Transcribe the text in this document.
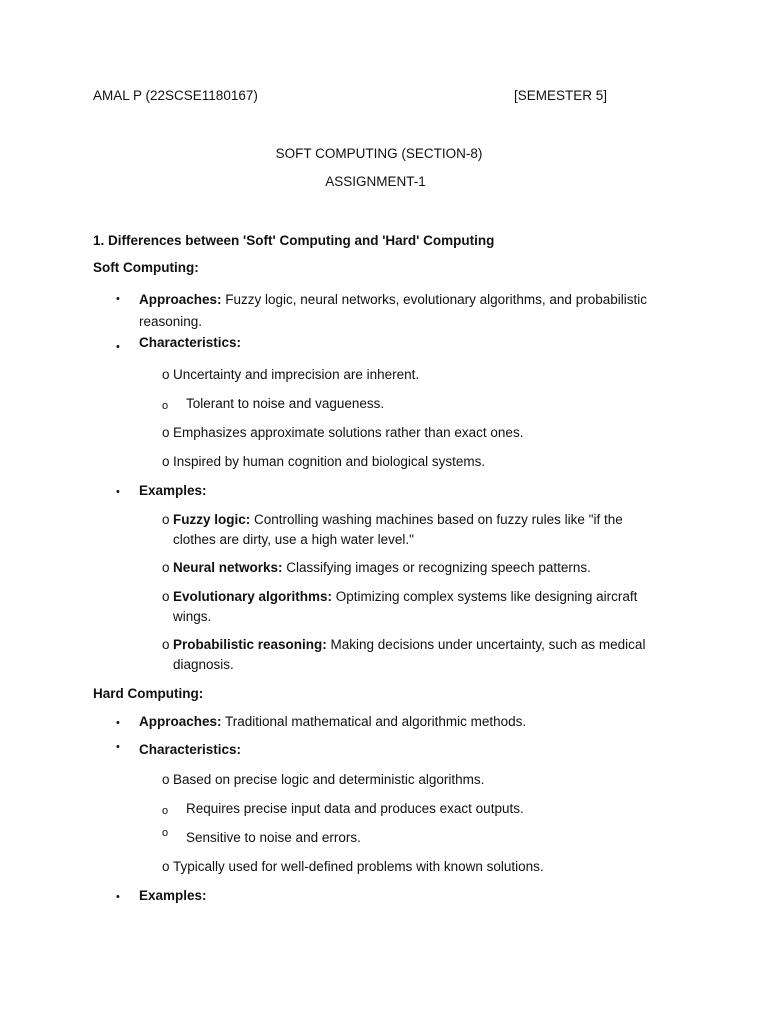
AMAL P (22SCSE1180167)	[SEMESTER 5]
SOFT COMPUTING (SECTION-8)
ASSIGNMENT-1
1. Differences between 'Soft' Computing and 'Hard' Computing
Soft Computing:
• Approaches: Fuzzy logic, neural networks, evolutionary algorithms, and probabilistic reasoning.
• Characteristics:
o Uncertainty and imprecision are inherent.
o Tolerant to noise and vagueness.
o Emphasizes approximate solutions rather than exact ones.
o Inspired by human cognition and biological systems.
• Examples:
o Fuzzy logic: Controlling washing machines based on fuzzy rules like "if the clothes are dirty, use a high water level."
o Neural networks: Classifying images or recognizing speech patterns.
o Evolutionary algorithms: Optimizing complex systems like designing aircraft wings.
o Probabilistic reasoning: Making decisions under uncertainty, such as medical diagnosis.
Hard Computing:
• Approaches: Traditional mathematical and algorithmic methods.
• Characteristics:
o Based on precise logic and deterministic algorithms.
o Requires precise input data and produces exact outputs.
o Sensitive to noise and errors.
o Typically used for well-defined problems with known solutions.
• Examples:
